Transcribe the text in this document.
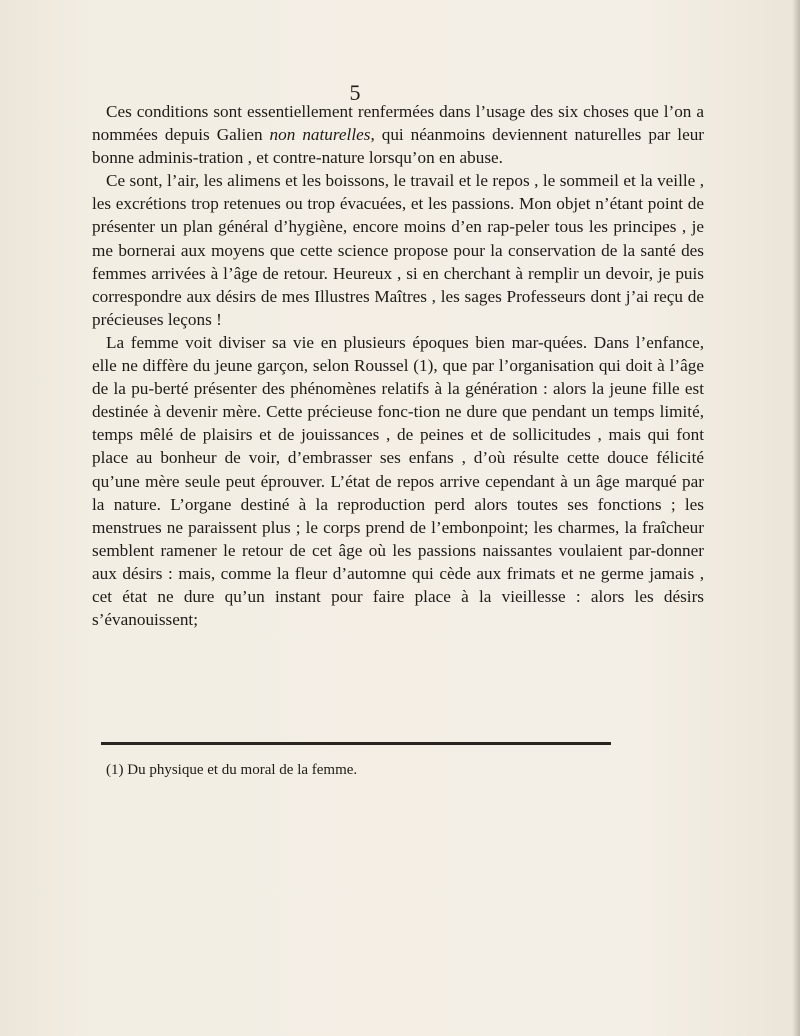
5

Ces conditions sont essentiellement renfermées dans l’usage des six choses que l’on a nommées depuis Galien non naturelles, qui néanmoins deviennent naturelles par leur bonne adminis-tration , et contre-nature lorsqu’on en abuse.

Ce sont, l’air, les alimens et les boissons, le travail et le repos , le sommeil et la veille , les excrétions trop retenues ou trop évacuées, et les passions. Mon objet n’étant point de présenter un plan général d’hygiène, encore moins d’en rap-peler tous les principes , je me bornerai aux moyens que cette science propose pour la conservation de la santé des femmes arrivées à l’âge de retour. Heureux , si en cherchant à remplir un devoir, je puis correspondre aux désirs de mes Illustres Maîtres , les sages Professeurs dont j’ai reçu de précieuses leçons !

La femme voit diviser sa vie en plusieurs époques bien mar-quées. Dans l’enfance, elle ne diffère du jeune garçon, selon Roussel (1), que par l’organisation qui doit à l’âge de la pu-berté présenter des phénomènes relatifs à la génération : alors la jeune fille est destinée à devenir mère. Cette précieuse fonc-tion ne dure que pendant un temps limité, temps mêlé de plaisirs et de jouissances , de peines et de sollicitudes , mais qui font place au bonheur de voir, d’embrasser ses enfans , d’où résulte cette douce félicité qu’une mère seule peut éprouver. L’état de repos arrive cependant à un âge marqué par la nature. L’organe destiné à la reproduction perd alors toutes ses fonctions ; les menstrues ne paraissent plus ; le corps prend de l’embonpoint; les charmes, la fraîcheur semblent ramener le retour de cet âge où les passions naissantes voulaient par-donner aux désirs : mais, comme la fleur d’automne qui cède aux frimats et ne germe jamais , cet état ne dure qu’un instant pour faire place à la vieillesse : alors les désirs s’évanouissent;

(1) Du physique et du moral de la femme.
